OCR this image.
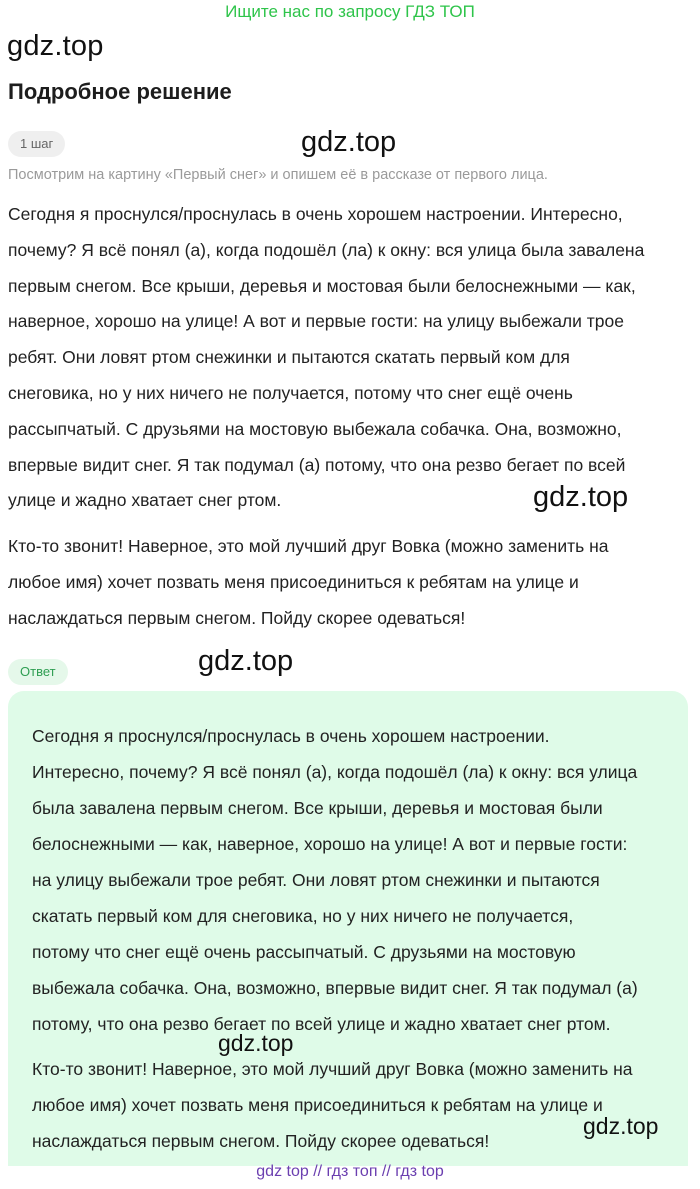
Ищите нас по запросу ГДЗ ТОП
gdz.top
Подробное решение
1 шаг	gdz.top
Посмотрим на картину «Первый снег» и опишем её в рассказе от первого лица.
Сегодня я проснулся/проснулась в очень хорошем настроении. Интересно,
почему? Я всё понял (а), когда подошёл (ла) к окну: вся улица была завалена
первым снегом. Все крыши, деревья и мостовая были белоснежными — как,
наверное, хорошо на улице! А вот и первые гости: на улицу выбежали трое
ребят. Они ловят ртом снежинки и пытаются скатать первый ком для
снеговика, но у них ничего не получается, потому что снег ещё очень
рассыпчатый. С друзьями на мостовую выбежала собачка. Она, возможно,
впервые видит снег. Я так подумал (а) потому, что она резво бегает по всей
улице и жадно хватает снег ртом.	gdz.top
Кто-то звонит! Наверное, это мой лучший друг Вовка (можно заменить на
любое имя) хочет позвать меня присоединиться к ребятам на улице и
наслаждаться первым снегом. Пойду скорее одеваться!
Ответ	gdz.top
Сегодня я проснулся/проснулась в очень хорошем настроении.
Интересно, почему? Я всё понял (а), когда подошёл (ла) к окну: вся улица
была завалена первым снегом. Все крыши, деревья и мостовая были
белоснежными — как, наверное, хорошо на улице! А вот и первые гости:
на улицу выбежали трое ребят. Они ловят ртом снежинки и пытаются
скатать первый ком для снеговика, но у них ничего не получается,
потому что снег ещё очень рассыпчатый. С друзьями на мостовую
выбежала собачка. Она, возможно, впервые видит снег. Я так подумал (а)
потому, что она резво бегает по всей улице и жадно хватает снег ртом.
gdz.top
Кто-то звонит! Наверное, это мой лучший друг Вовка (можно заменить на
любое имя) хочет позвать меня присоединиться к ребятам на улице и
наслаждаться первым снегом. Пойду скорее одеваться!
gdz.top
gdz top // гдз топ // гдз top
